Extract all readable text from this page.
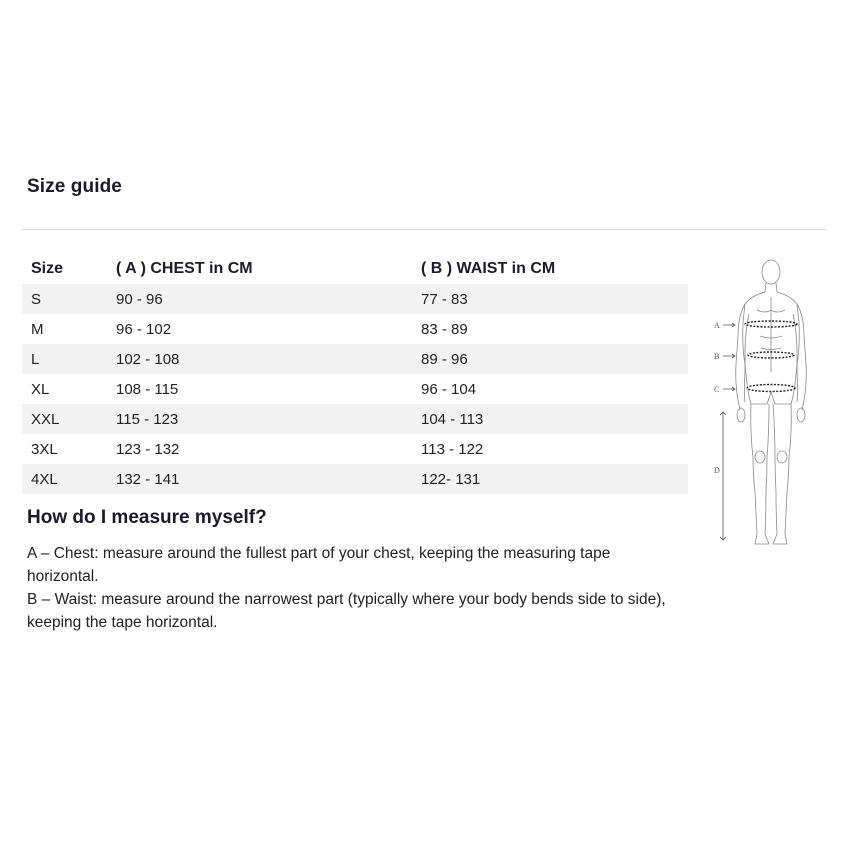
Size guide
Size	( A ) CHEST in CM	( B ) WAIST in CM
S	90 - 96	77 - 83
M	96 - 102	83 - 89
L	102 - 108	89 - 96
XL	108 - 115	96 - 104
XXL	115 - 123	104 - 113
3XL	123 - 132	113 - 122
4XL	132 - 141	122- 131
How do I measure myself?

A – Chest: measure around the fullest part of your chest, keeping the measuring tape horizontal.
B – Waist: measure around the narrowest part (typically where your body bends side to side), keeping the tape horizontal.

A
B
C
D
